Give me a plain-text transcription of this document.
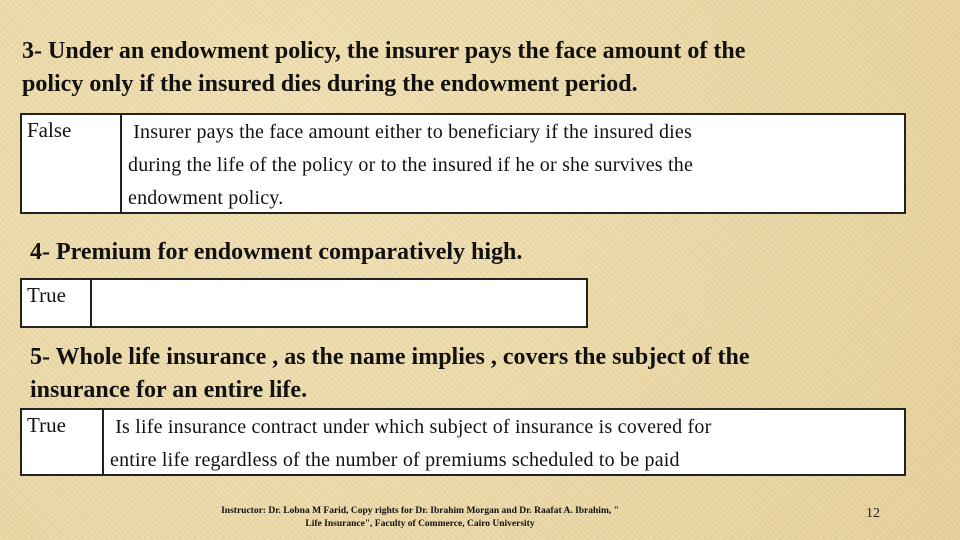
3- Under an endowment policy, the insurer pays the face amount of the
policy only if the insured dies during the endowment period.
False	Insurer pays the face amount either to beneficiary if the insured dies
during the life of the policy or to the insured if he or she survives the
endowment policy.
4- Premium for endowment comparatively high.
True
5- Whole life insurance , as the name implies , covers the subject of the
insurance for an entire life.
True	Is life insurance contract under which subject of insurance is covered for
entire life regardless of the number of premiums scheduled to be paid
Instructor: Dr. Lobna M Farid, Copy rights for Dr. Ibrahim Morgan and Dr. Raafat A. Ibrahim, "
Life Insurance", Faculty of Commerce, Cairo University
12
